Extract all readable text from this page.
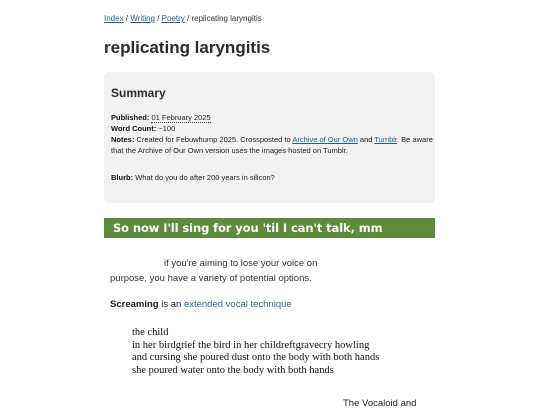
Index / Writing / Poetry / replicating laryngitis
replicating laryngitis
Summary
Published: 01 February 2025
Word Count: ~100
Notes: Created for Febuwhump 2025. Crossposted to Archive of Our Own and Tumblr. Be aware that the Archive of Our Own version uses the images hosted on Tumblr.
Blurb: What do you do after 200 years in silicon?
So now I'll sing for you 'til I can't talk, mm
if you're aiming to lose your voice on
purpose, you have a variety of potential options.
Screaming is an extended vocal technique
the child
in her birdgrief the bird in her childreftgravecry howling
and cursing she poured dust onto the body with both hands
she poured water onto the body with both hands
The Vocaloid and
